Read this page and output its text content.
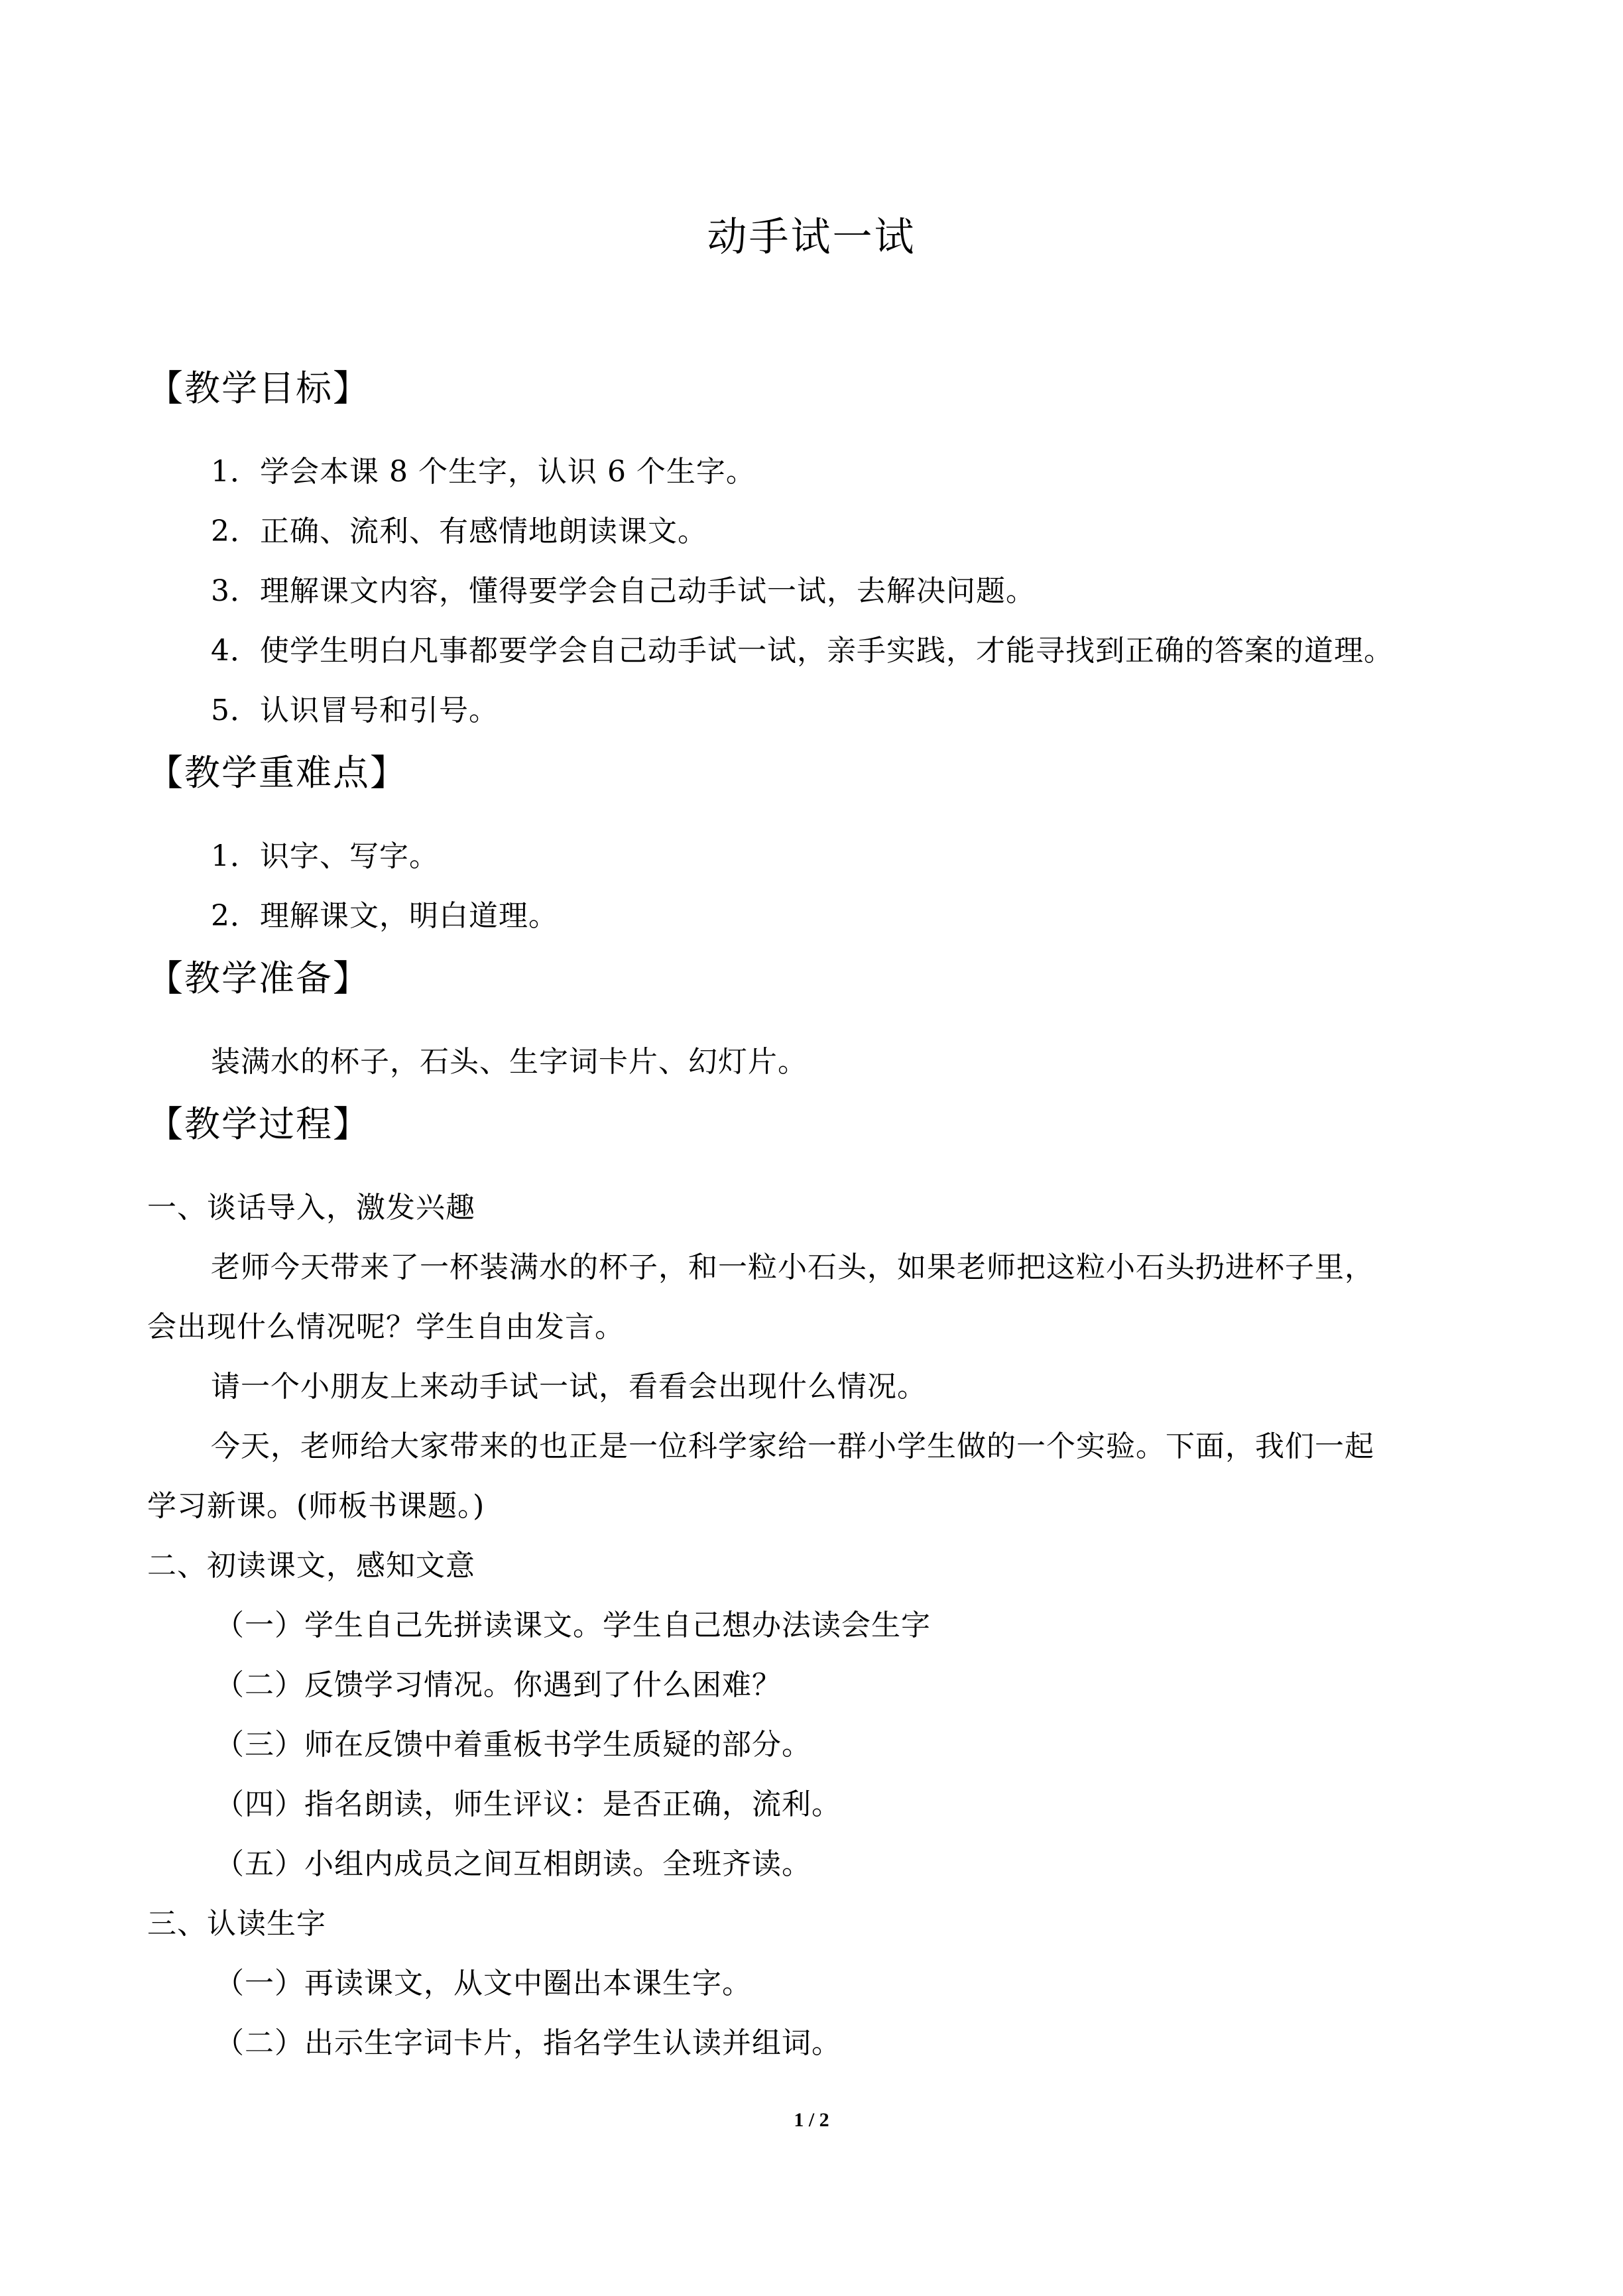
动手试一试
【教学目标】
1．学会本课 8 个生字，认识 6 个生字。
2．正确、流利、有感情地朗读课文。
3．理解课文内容，懂得要学会自己动手试一试，去解决问题。
4．使学生明白凡事都要学会自己动手试一试，亲手实践，才能寻找到正确的答案的道理。
5．认识冒号和引号。
【教学重难点】
1．识字、写字。
2．理解课文，明白道理。
【教学准备】
装满水的杯子，石头、生字词卡片、幻灯片。
【教学过程】
一、谈话导入，激发兴趣
老师今天带来了一杯装满水的杯子，和一粒小石头，如果老师把这粒小石头扔进杯子里，
会出现什么情况呢？学生自由发言。
请一个小朋友上来动手试一试，看看会出现什么情况。
今天，老师给大家带来的也正是一位科学家给一群小学生做的一个实验。下面，我们一起
学习新课。(师板书课题。)
二、初读课文，感知文意
（一）学生自己先拼读课文。学生自己想办法读会生字
（二）反馈学习情况。你遇到了什么困难？
（三）师在反馈中着重板书学生质疑的部分。
（四）指名朗读，师生评议：是否正确，流利。
（五）小组内成员之间互相朗读。全班齐读。
三、认读生字
（一）再读课文，从文中圈出本课生字。
（二）出示生字词卡片，指名学生认读并组词。
1 / 2
